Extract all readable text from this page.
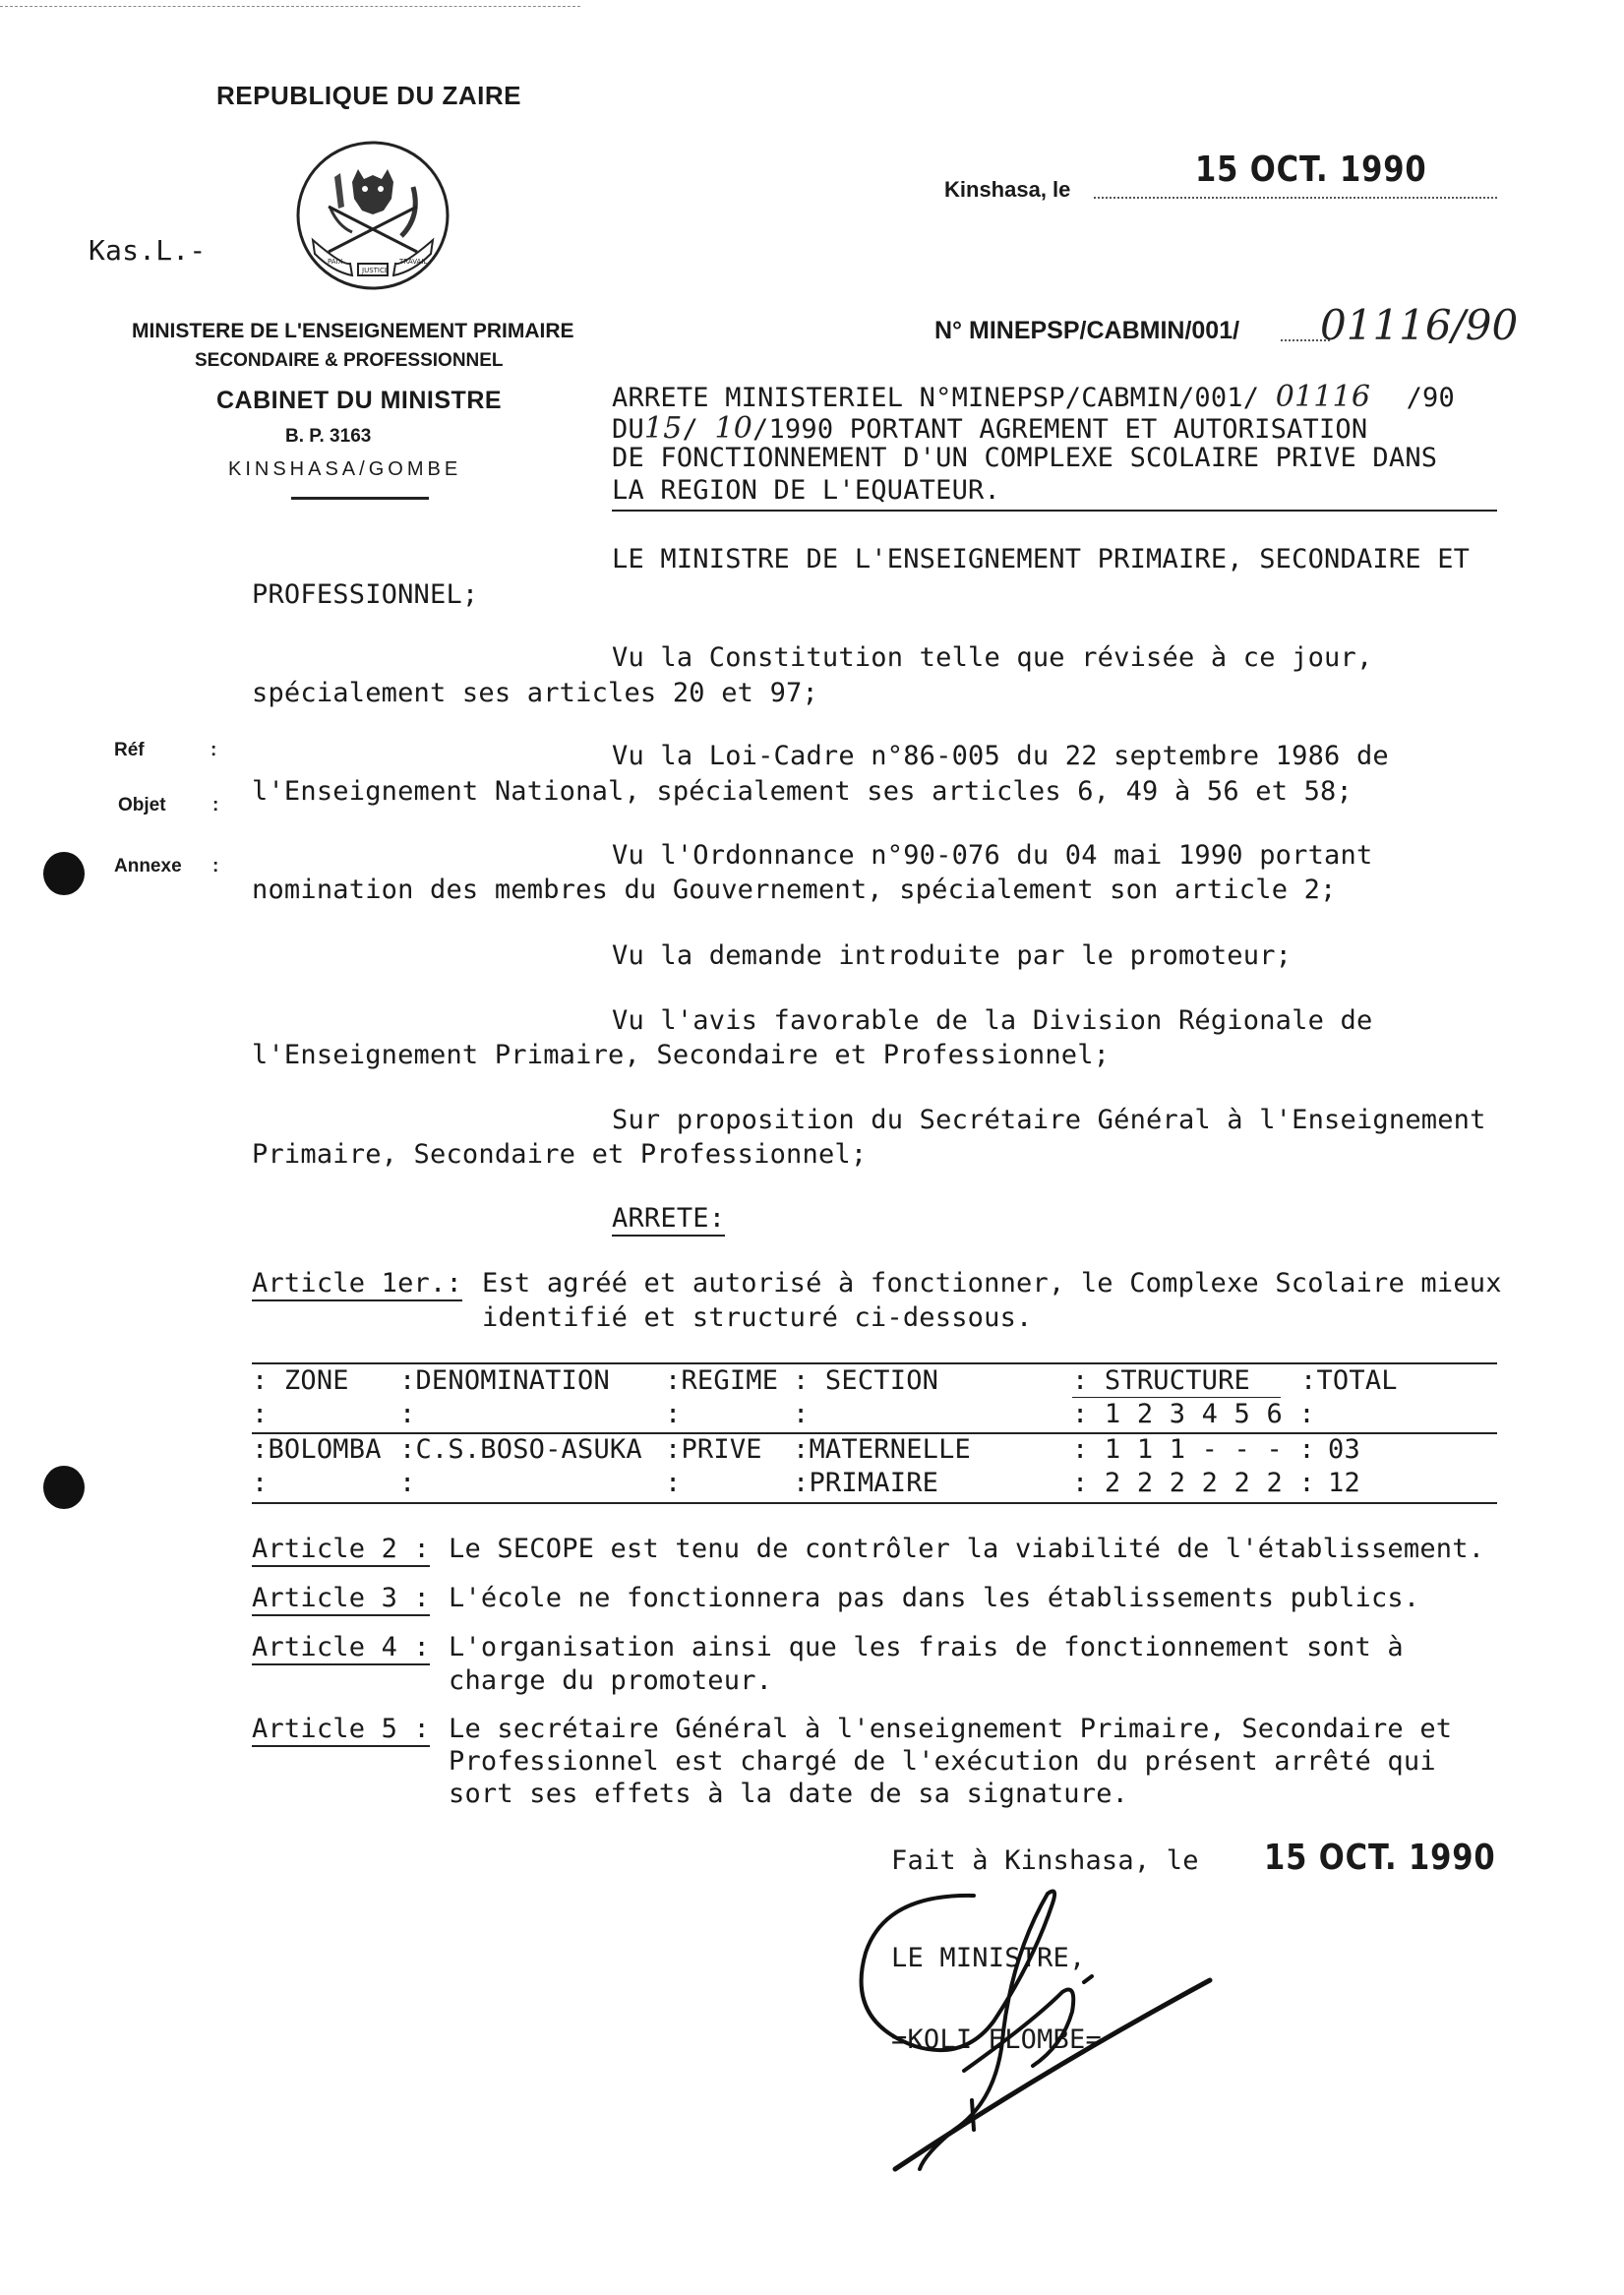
REPUBLIQUE DU ZAIRE
PAIX
JUSTICE
TRAVAIL
Kas.L.-
MINISTERE DE L'ENSEIGNEMENT PRIMAIRE
SECONDAIRE & PROFESSIONNEL
CABINET DU MINISTRE
B. P. 3163
KINSHASA/GOMBE
Kinshasa, le	15 OCT. 1990
N° MINEPSP/CABMIN/001/ 01116/90
ARRETE MINISTERIEL N°MINEPSP/CABMIN/001/ 01116 /90
DU15/ 10/1990 PORTANT AGREMENT ET AUTORISATION
DE FONCTIONNEMENT D'UN COMPLEXE SCOLAIRE PRIVE DANS
LA REGION DE L'EQUATEUR.
LE MINISTRE DE L'ENSEIGNEMENT PRIMAIRE, SECONDAIRE ET
PROFESSIONNEL;
Vu la Constitution telle que révisée à ce jour,
spécialement ses articles 20 et 97;
Réf	:
Objet :
Annexe :
Vu la Loi-Cadre n°86-005 du 22 septembre 1986 de
l'Enseignement National, spécialement ses articles 6, 49 à 56 et 58;
Vu l'Ordonnance n°90-076 du 04 mai 1990 portant
nomination des membres du Gouvernement, spécialement son article 2;
Vu la demande introduite par le promoteur;
Vu l'avis favorable de la Division Régionale de
l'Enseignement Primaire, Secondaire et Professionnel;
Sur proposition du Secrétaire Général à l'Enseignement
Primaire, Secondaire et Professionnel;
ARRETE:
Article 1er.: Est agréé et autorisé à fonctionner, le Complexe Scolaire mieux
identifié et structuré ci-dessous.
: ZONE :DENOMINATION :REGIME : SECTION	: STRUCTURE :TOTAL
:	:	:	:	: 1 2 3 4 5 6 :
:BOLOMBA :C.S.BOSO-ASUKA :PRIVE :MATERNELLE	: 1 1 1 - - - : 03
:	:	:	:PRIMAIRE	: 2 2 2 2 2 2 : 12
Article 2 : Le SECOPE est tenu de contrôler la viabilité de l'établissement.
Article 3 : L'école ne fonctionnera pas dans les établissements publics.
Article 4 : L'organisation ainsi que les frais de fonctionnement sont à
charge du promoteur.
Article 5 : Le secrétaire Général à l'enseignement Primaire, Secondaire et
Professionnel est chargé de l'exécution du présent arrêté qui
sort ses effets à la date de sa signature.
Fait à Kinshasa, le 15 OCT. 1990
LE MINISTRE,
=KOLI ELOMBE=
